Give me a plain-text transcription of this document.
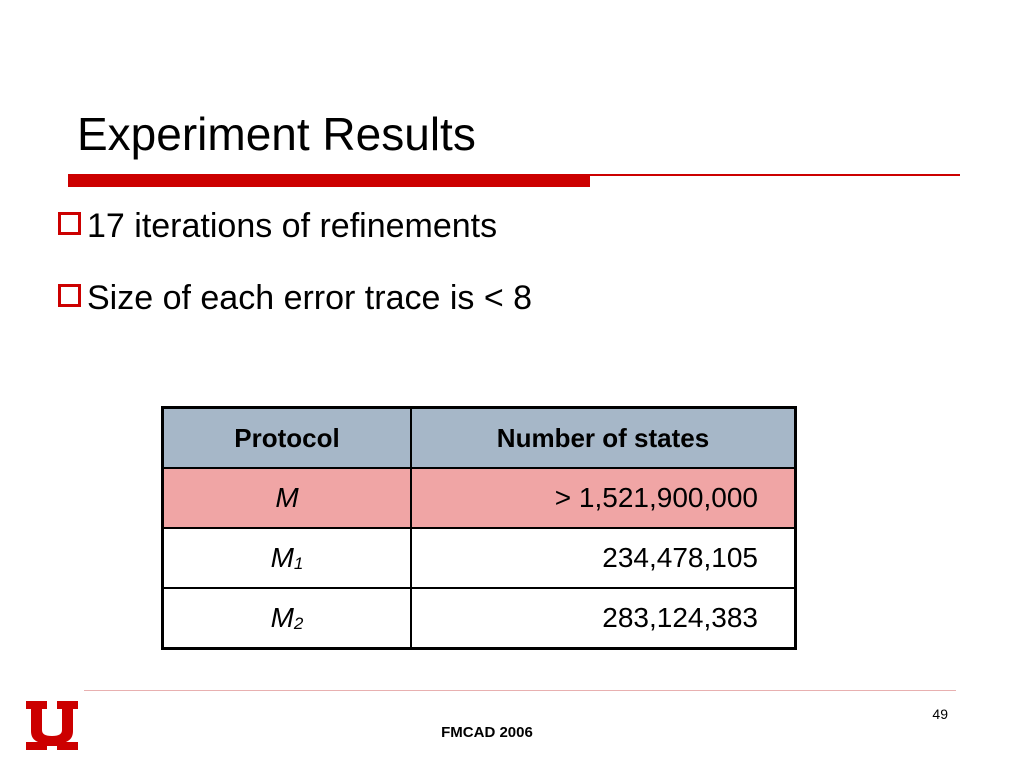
Experiment Results
17 iterations of refinements
Size of each error trace is < 8
Protocol	Number of states
M	> 1,521,900,000
$M_1$	234,478,105
$M_2$	283,124,383
FMCAD 2006
49
